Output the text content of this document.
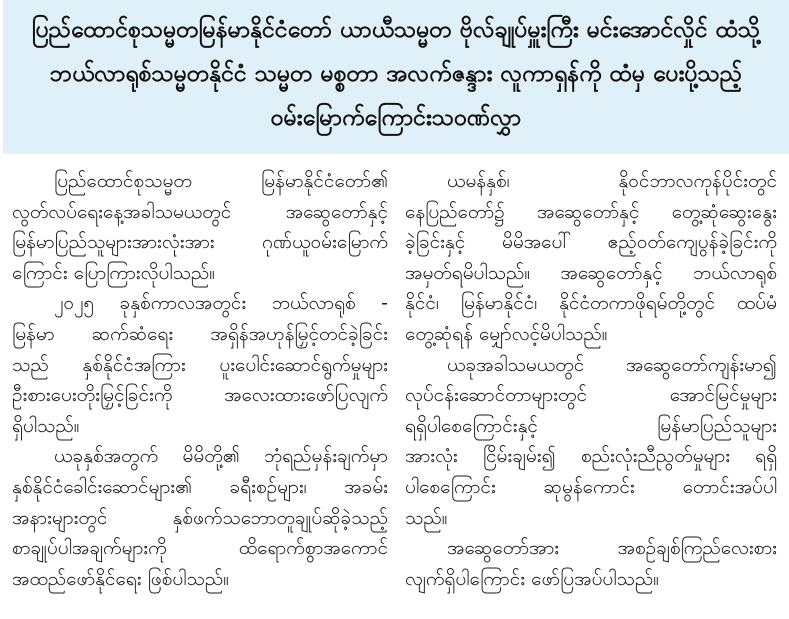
ပြည်ထောင်စုသမ္မတမြန်မာနိုင်ငံတော် ယာယီသမ္မတ ဗိုလ်ချုပ်မှူးကြီး မင်းအောင်လှိုင် ထံသို့
ဘယ်လာရုစ်သမ္မတနိုင်ငံ သမ္မတ မစ္စတာ အလက်ဇန္ဒား လူကာရှန်ကို ထံမှ ပေးပို့သည့်
ဝမ်းမြောက်ကြောင်းသဝဏ်လွှာ
ပြည်ထောင်စုသမ္မတ မြန်မာနိုင်ငံတော်၏
လွတ်လပ်ရေးနေ့အခါသမယတွင် အဆွေတော်နှင့်
မြန်မာပြည်သူများအားလုံးအား ဂုဏ်ယူဝမ်းမြောက်
ကြောင်း ပြောကြားလိုပါသည်။
၂၀၂၅ ခုနှစ်ကာလအတွင်း ဘယ်လာရုစ် -
မြန်မာ ဆက်ဆံရေး အရှိန်အဟုန်မြှင့်တင်ခဲ့ခြင်း
သည် နှစ်နိုင်ငံအကြား ပူးပေါင်းဆောင်ရွက်မှုများ
ဦးစားပေးတိုးမြှင့်ခြင်းကို အလေးထားဖော်ပြလျက်
ရှိပါသည်။
ယခုနှစ်အတွက် မိမိတို့၏ ဘုံရည်မှန်းချက်မှာ
နှစ်နိုင်ငံခေါင်းဆောင်များ၏ ခရီးစဉ်များ၊ အခမ်း
အနားများတွင် နှစ်ဖက်သဘောတူချုပ်ဆိုခဲ့သည့်
စာချုပ်ပါအချက်များကို ထိရောက်စွာအကောင်
အထည်ဖော်နိုင်ရေး ဖြစ်ပါသည်။
ယမန်နှစ်၊ နိုဝင်ဘာလကုန်ပိုင်းတွင်
နေပြည်တော်၌ အဆွေတော်နှင့် တွေ့ဆုံဆွေးနွေး
ခဲ့ခြင်းနှင့် မိမိအပေါ် ဧည့်ဝတ်ကျေပွန်ခဲ့ခြင်းကို
အမှတ်ရမိပါသည်။ အဆွေတော်နှင့် ဘယ်လာရုစ်
နိုင်ငံ၊ မြန်မာနိုင်ငံ၊ နိုင်ငံတကာဖိုရမ်တို့တွင် ထပ်မံ
တွေ့ဆုံရန် မျှော်လင့်မိပါသည်။
ယခုအခါသမယတွင် အဆွေတော်ကျန်းမာ၍
လုပ်ငန်းဆောင်တာများတွင် အောင်မြင်မှုများ
ရရှိပါစေကြောင်းနှင့် မြန်မာပြည်သူများ
အားလုံး ငြိမ်းချမ်း၍ စည်းလုံးညီညွတ်မှုများ ရရှိ
ပါစေကြောင်း ဆုမွန်ကောင်း တောင်းအပ်ပါ
သည်။
အဆွေတော်အား အစဉ်ချစ်ကြည်လေးစား
လျက်ရှိပါကြောင်း ဖော်ပြအပ်ပါသည်။
